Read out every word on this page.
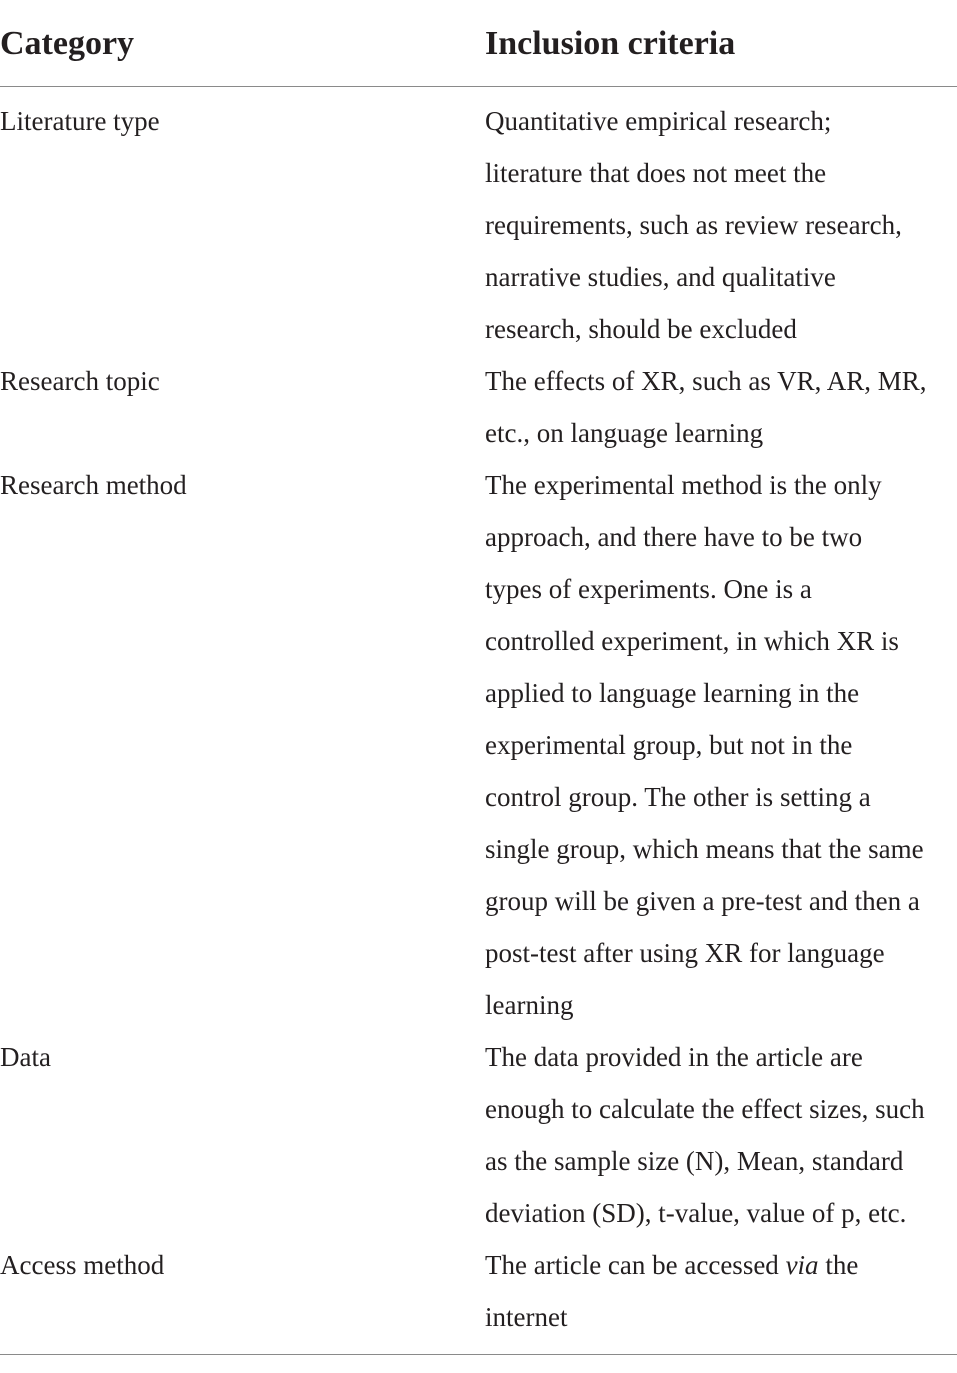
Category	Inclusion criteria
Literature type	Quantitative empirical research;
literature that does not meet the
requirements, such as review research,
narrative studies, and qualitative
research, should be excluded
Research topic	The effects of XR, such as VR, AR, MR,
etc., on language learning
Research method	The experimental method is the only
approach, and there have to be two
types of experiments. One is a
controlled experiment, in which XR is
applied to language learning in the
experimental group, but not in the
control group. The other is setting a
single group, which means that the same
group will be given a pre-test and then a
post-test after using XR for language
learning
Data	The data provided in the article are
enough to calculate the effect sizes, such
as the sample size (N), Mean, standard
deviation (SD), t-value, value of p, etc.
Access method	The article can be accessed via the
internet
